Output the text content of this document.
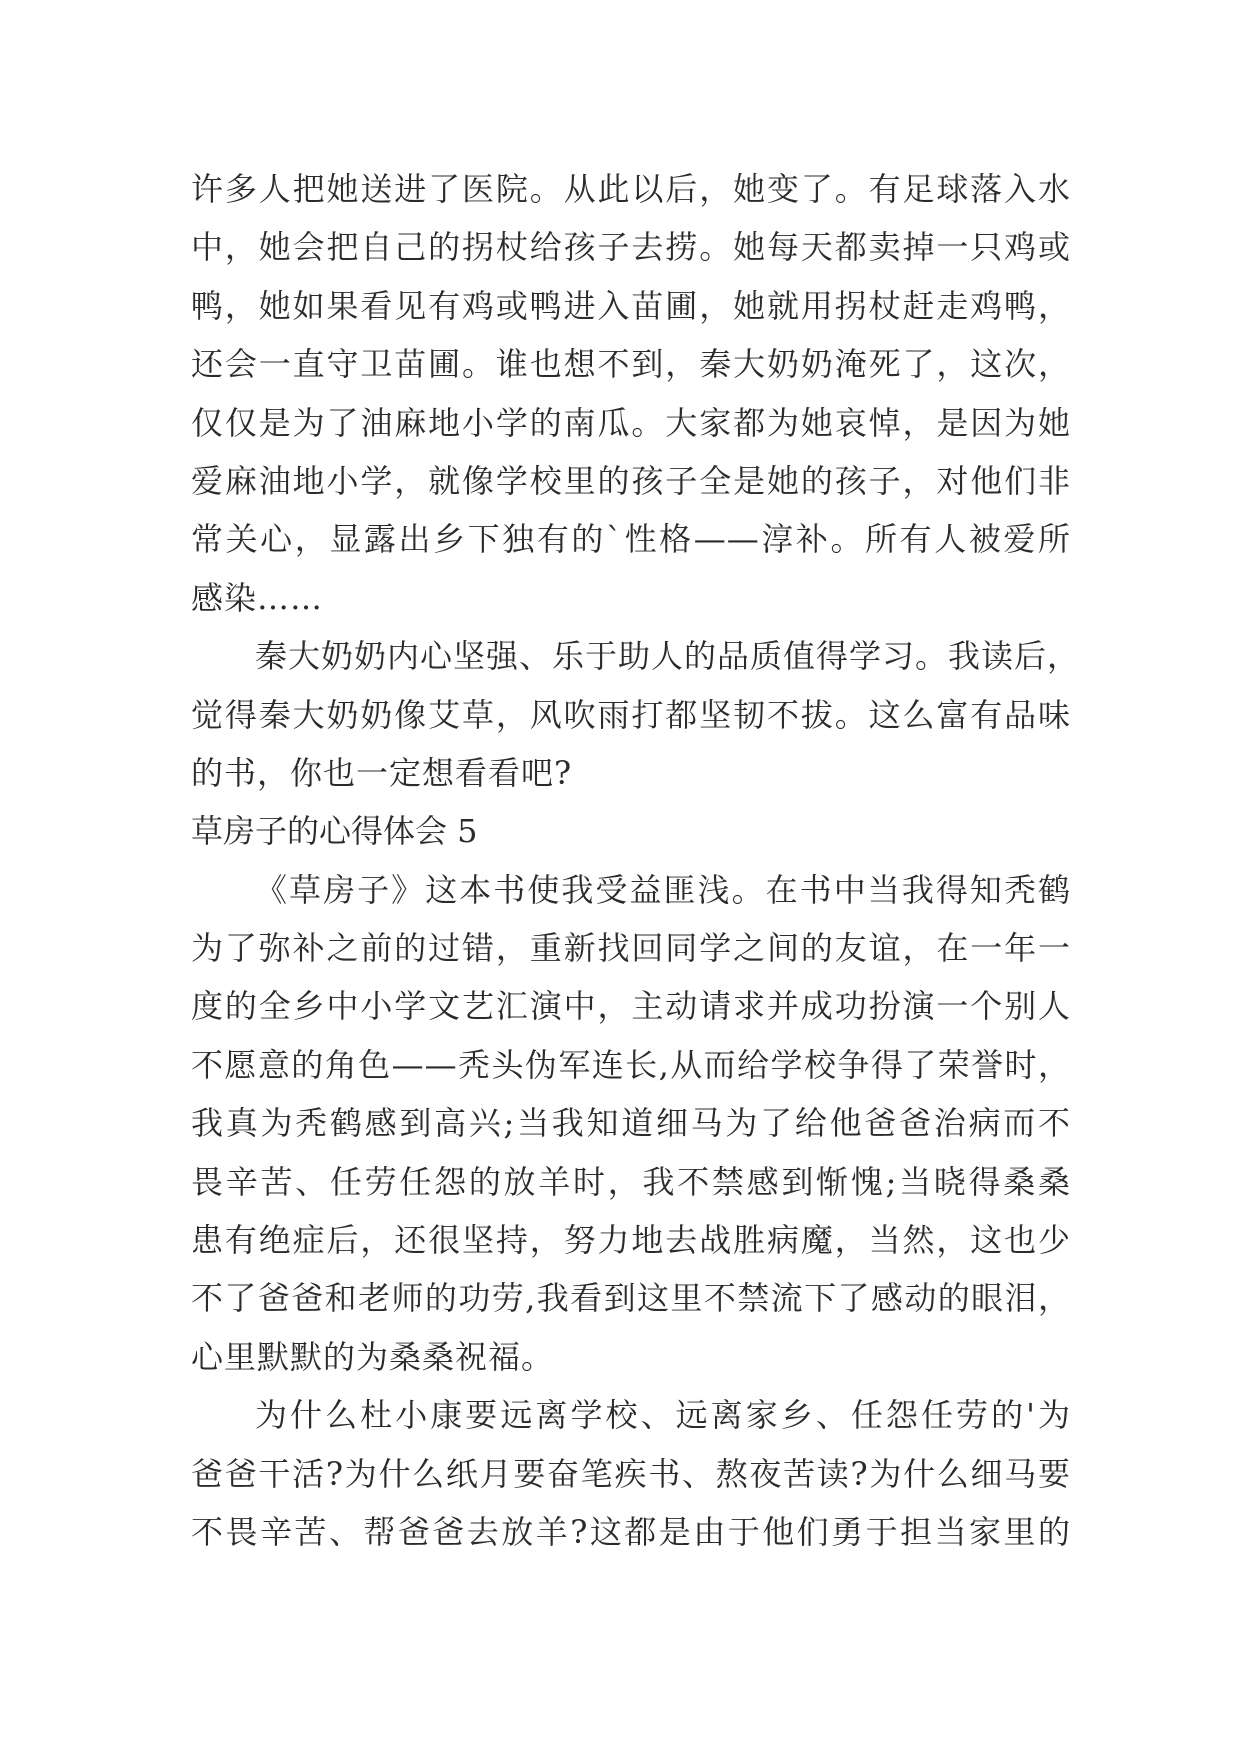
许多人把她送进了医院。从此以后，她变了。有足球落入水
中，她会把自己的拐杖给孩子去捞。她每天都卖掉一只鸡或
鸭，她如果看见有鸡或鸭进入苗圃，她就用拐杖赶走鸡鸭，
还会一直守卫苗圃。谁也想不到，秦大奶奶淹死了，这次，
仅仅是为了油麻地小学的南瓜。大家都为她哀悼，是因为她
爱麻油地小学，就像学校里的孩子全是她的孩子，对他们非
常关心，显露出乡下独有的`性格——淳补。所有人被爱所
感染……
秦大奶奶内心坚强、乐于助人的品质值得学习。我读后，
觉得秦大奶奶像艾草，风吹雨打都坚韧不拔。这么富有品味
的书，你也一定想看看吧?
草房子的心得体会 5
《草房子》这本书使我受益匪浅。在书中当我得知秃鹤
为了弥补之前的过错，重新找回同学之间的友谊，在一年一
度的全乡中小学文艺汇演中，主动请求并成功扮演一个别人
不愿意的角色——秃头伪军连长,从而给学校争得了荣誉时，
我真为秃鹤感到高兴;当我知道细马为了给他爸爸治病而不
畏辛苦、任劳任怨的放羊时，我不禁感到惭愧;当晓得桑桑
患有绝症后，还很坚持，努力地去战胜病魔，当然，这也少
不了爸爸和老师的功劳,我看到这里不禁流下了感动的眼泪，
心里默默的为桑桑祝福。
为什么杜小康要远离学校、远离家乡、任怨任劳的'为
爸爸干活?为什么纸月要奋笔疾书、熬夜苦读?为什么细马要
不畏辛苦、帮爸爸去放羊?这都是由于他们勇于担当家里的
